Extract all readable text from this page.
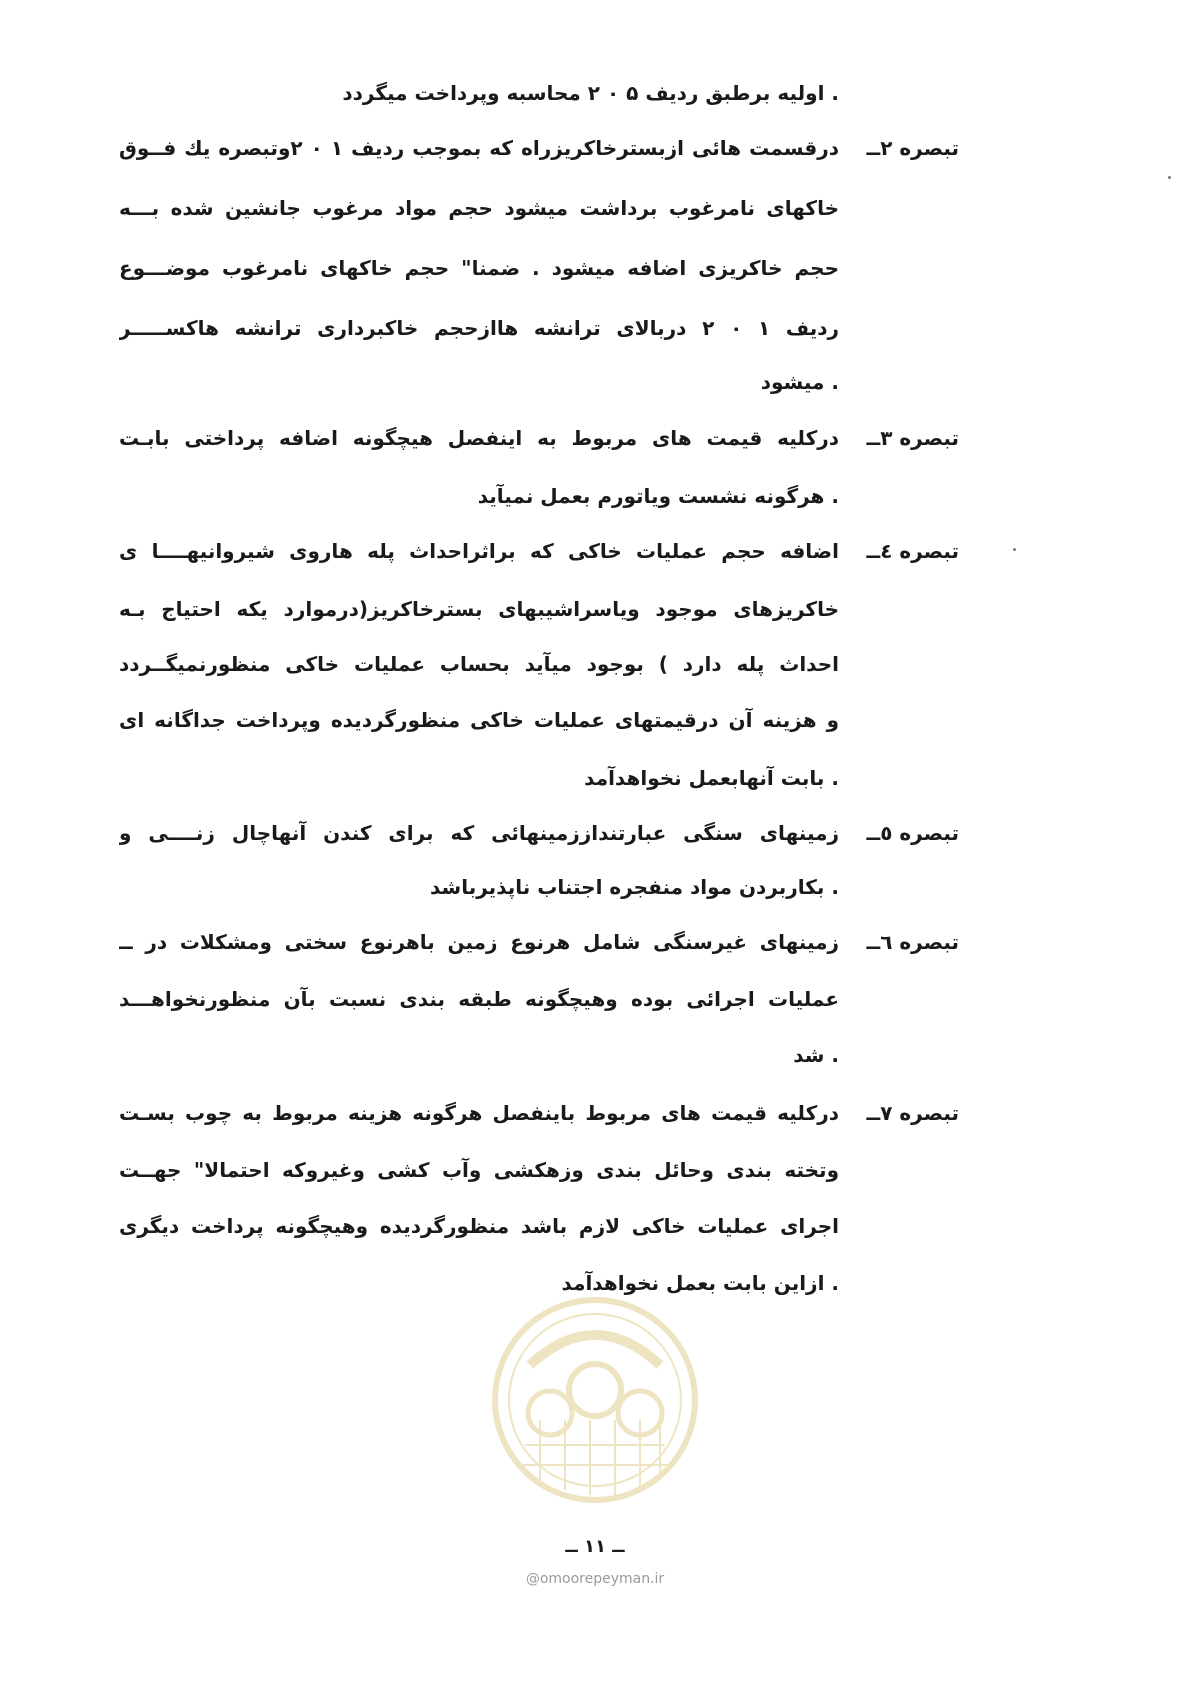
اولیه برطبق ردیف ۵ ۰ ۲ محاسبه وپرداخت میگردد .
تبصره ۲ــ
درقسمت هائی ازبسترخاکریزراه که بموجب ردیف ۱ ۰ ۲وتبصره یك فــوق
خاکهای نامرغوب برداشت میشود حجم مواد مرغوب جانشین شده بـــه
حجم خاکریزی اضافه میشود . ضمنا" حجم خاکهای نامرغوب موضـــوع
ردیف ۱ ۰ ۲ دربالای ترانشه هاازحجم خاکبرداری ترانشه هاکســـــر
میشود .
تبصره ۳ــ
درکلیه قیمت های مربوط به اینفصل هیچگونه اضافه پرداختی بابـت
هرگونه نشست ویاتورم بعمل نمیآید .
تبصره ٤ــ
اضافه حجم عملیات خاکی که براثراحداث پله هاروی شیروانیهــــا ی
خاکریزهای موجود ویاسراشیبهای بسترخاکریز(درموارد یکه احتیاج بـه
احداث پله دارد ) بوجود میآید بحساب عملیات خاکی منظورنمیگــردد
و هزینه آن درقیمتهای عملیات خاکی منظورگردیده وپرداخت جداگانه ای
بابت آنهابعمل نخواهدآمد .
تبصره ٥ــ
زمینهای سنگی عبارتنداززمینهائی که برای کندن آنهاچال زنــــی و
بکاربردن مواد منفجره اجتناب ناپذیرباشد .
تبصره ٦ــ
زمینهای غیرسنگی شامل هرنوع زمین باهرنوع سختی ومشکلات در ــ
عملیات اجرائی بوده وهیچگونه طبقه بندی نسبت بآن منظورنخواهـــد
شد .
تبصره ٧ــ
درکلیه قیمت های مربوط باینفصل هرگونه هزینه مربوط به چوب بسـت
وتخته بندی وحائل بندی وزهکشی وآب کشی وغیروکه احتمالا" جهــت
اجرای عملیات خاکی لازم باشد منظورگردیده وهیچگونه پرداخت دیگری
ازاین بابت بعمل نخواهدآمد .
ــ ۱۱ ــ
@omoorepeyman.ir
